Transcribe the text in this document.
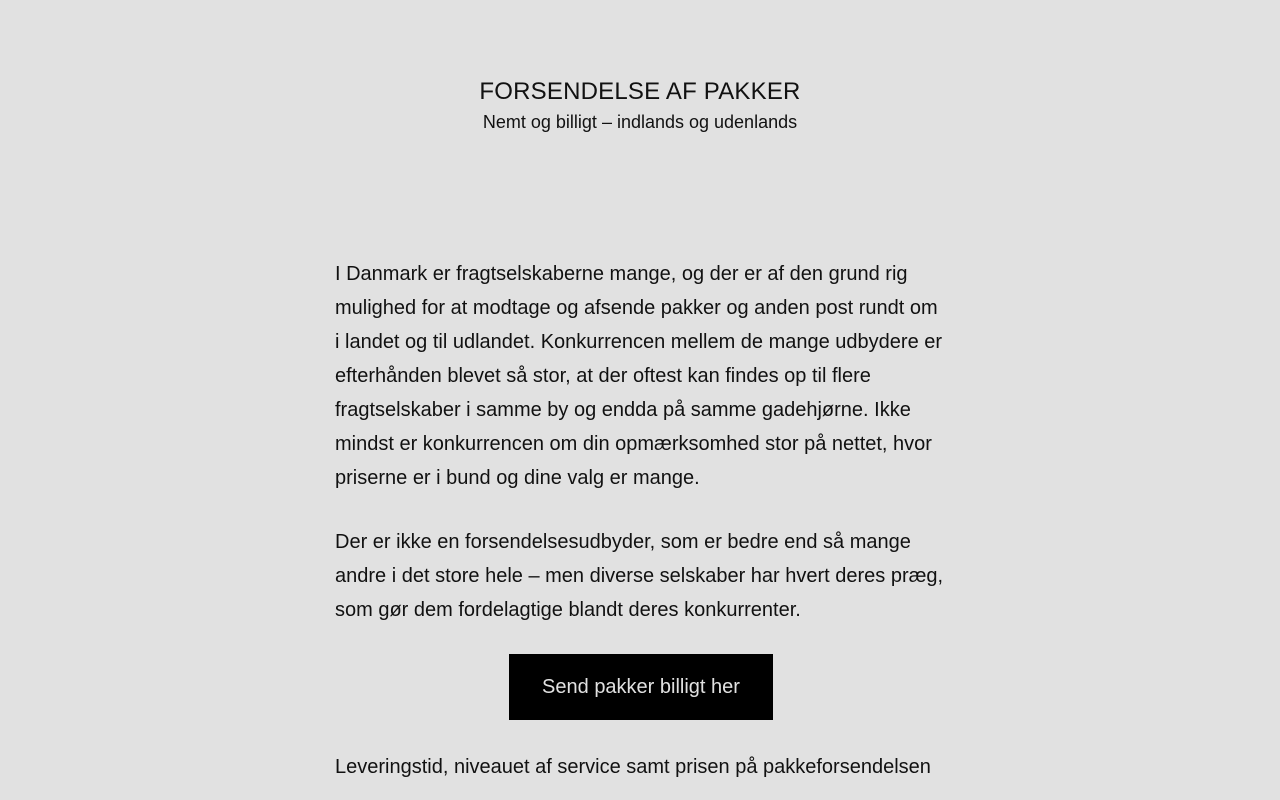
FORSENDELSE AF PAKKER

Nemt og billigt – indlands og udenlands

I Danmark er fragtselskaberne mange, og der er af den grund rig mulighed for at modtage og afsende pakker og anden post rundt om i landet og til udlandet. Konkurrencen mellem de mange udbydere er efterhånden blevet så stor, at der oftest kan findes op til flere fragtselskaber i samme by og endda på samme gadehjørne. Ikke mindst er konkurrencen om din opmærksomhed stor på nettet, hvor priserne er i bund og dine valg er mange.

Der er ikke en forsendelsesudbyder, som er bedre end så mange andre i det store hele – men diverse selskaber har hvert deres præg, som gør dem fordelagtige blandt deres konkurrenter.

Send pakker billigt her

Leveringstid, niveauet af service samt prisen på pakkeforsendelsen
